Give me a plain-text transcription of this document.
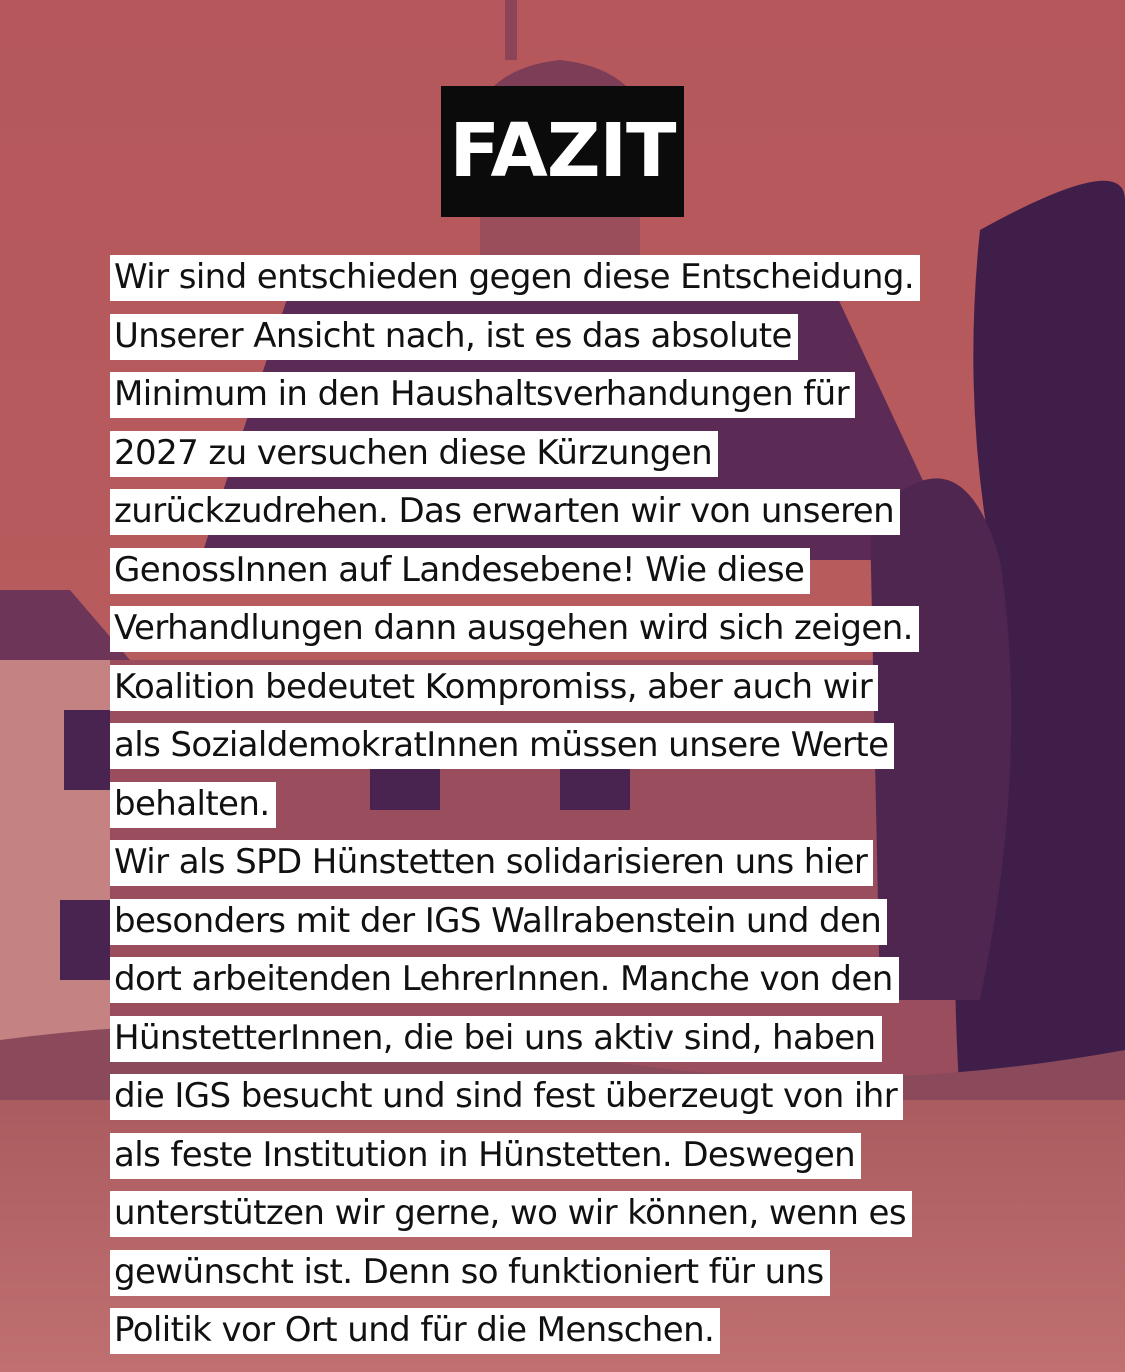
FAZIT
Wir sind entschieden gegen diese Entscheidung.
Unserer Ansicht nach, ist es das absolute
Minimum in den Haushaltsverhandungen für
2027 zu versuchen diese Kürzungen
zurückzudrehen. Das erwarten wir von unseren
GenossInnen auf Landesebene! Wie diese
Verhandlungen dann ausgehen wird sich zeigen.
Koalition bedeutet Kompromiss, aber auch wir
als SozialdemokratInnen müssen unsere Werte
behalten.
Wir als SPD Hünstetten solidarisieren uns hier
besonders mit der IGS Wallrabenstein und den
dort arbeitenden LehrerInnen. Manche von den
HünstetterInnen, die bei uns aktiv sind, haben
die IGS besucht und sind fest überzeugt von ihr
als feste Institution in Hünstetten. Deswegen
unterstützen wir gerne, wo wir können, wenn es
gewünscht ist. Denn so funktioniert für uns
Politik vor Ort und für die Menschen.
